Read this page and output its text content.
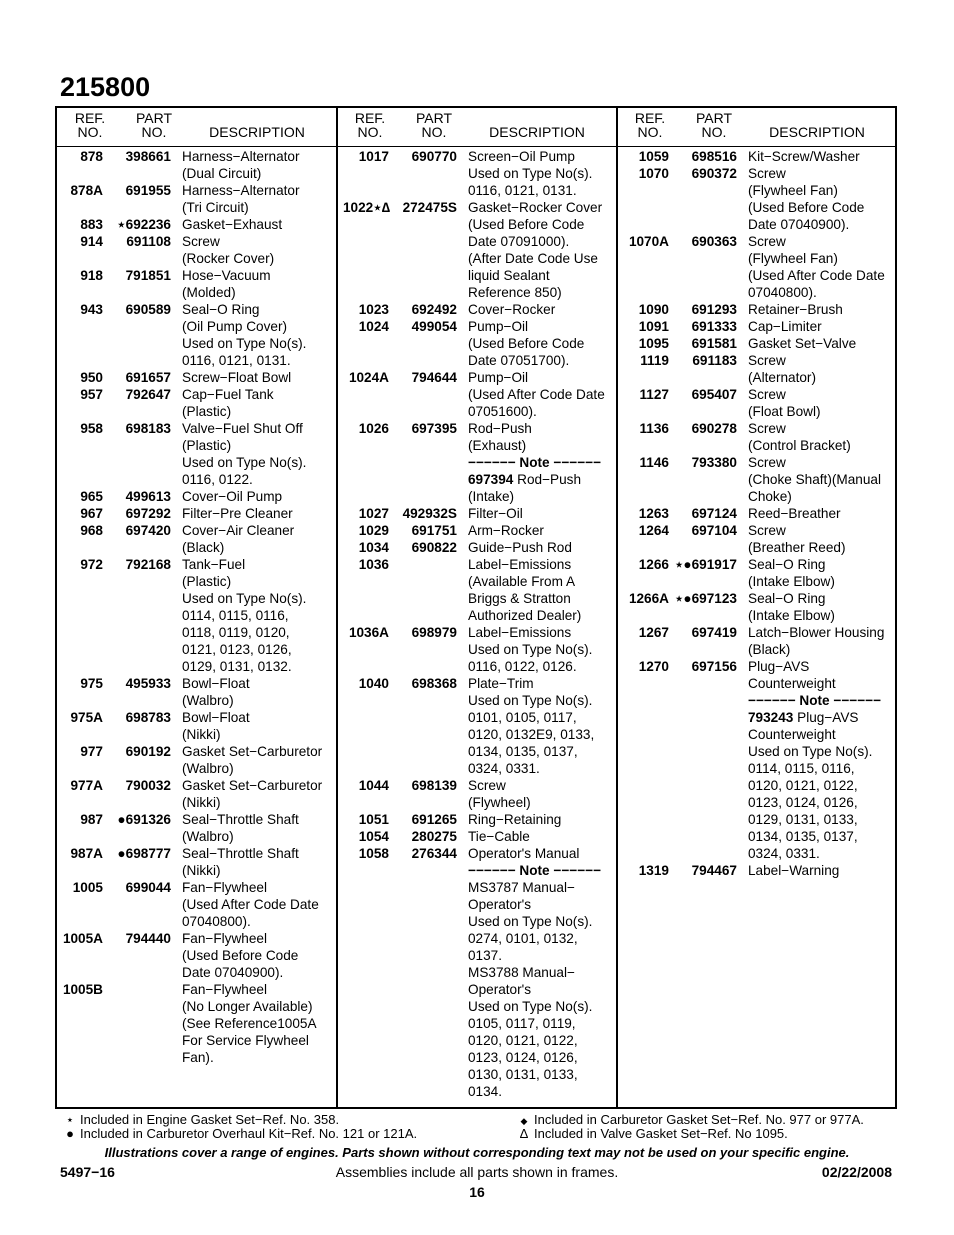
215800
REF.
NO.
PART
NO.	DESCRIPTION
REF.
NO.
PART
NO.	DESCRIPTION
REF.
NO.
PART
NO.	DESCRIPTION
878	398661 Harness−Alternator
(Dual Circuit)
878A	691955 Harness−Alternator
(Tri Circuit)
883	⋆692236 Gasket−Exhaust
914	691108 Screw
(Rocker Cover)
918	791851 Hose−Vacuum
(Molded)
943	690589 Seal−O Ring
(Oil Pump Cover)
Used on Type No(s).
0116, 0121, 0131.
950	691657 Screw−Float Bowl
957	792647 Cap−Fuel Tank
(Plastic)
958	698183 Valve−Fuel Shut Off
(Plastic)
Used on Type No(s).
0116, 0122.
965	499613 Cover−Oil Pump
967	697292 Filter−Pre Cleaner
968	697420 Cover−Air Cleaner
(Black)
972	792168 Tank−Fuel
(Plastic)
Used on Type No(s).
0114, 0115, 0116,
0118, 0119, 0120,
0121, 0123, 0126,
0129, 0131, 0132.
975	495933 Bowl−Float
(Walbro)
975A	698783 Bowl−Float
(Nikki)
977	690192 Gasket Set−Carburetor
(Walbro)
977A	790032 Gasket Set−Carburetor
(Nikki)
987	●691326 Seal−Throttle Shaft
(Walbro)
987A	●698777 Seal−Throttle Shaft
(Nikki)
1005	699044 Fan−Flywheel
(Used After Code Date
07040800).
1005A	794440 Fan−Flywheel
(Used Before Code
Date 07040900).
1005B	Fan−Flywheel
(No Longer Available)
(See Reference1005A
For Service Flywheel
Fan).
1017	690770 Screen−Oil Pump
Used on Type No(s).
0116, 0121, 0131.
1022⋆∆ 272475S Gasket−Rocker Cover
(Used Before Code
Date 07091000).
(After Date Code Use
liquid Sealant
Reference 850)
1023	692492 Cover−Rocker
1024	499054 Pump−Oil
(Used Before Code
Date 07051700).
1024A	794644 Pump−Oil
(Used After Code Date
07051600).
1026	697395 Rod−Push
(Exhaust)
−−−−−− Note −−−−−−
697394 Rod−Push
(Intake)
1027 492932S Filter−Oil
1029	691751 Arm−Rocker
1034	690822 Guide−Push Rod
1036	Label−Emissions
(Available From A
Briggs & Stratton
Authorized Dealer)
1036A	698979 Label−Emissions
Used on Type No(s).
0116, 0122, 0126.
1040	698368 Plate−Trim
Used on Type No(s).
0101, 0105, 0117,
0120, 0132E9, 0133,
0134, 0135, 0137,
0324, 0331.
1044	698139 Screw
(Flywheel)
1051	691265 Ring−Retaining
1054	280275 Tie−Cable
1058	276344 Operator's Manual
−−−−−− Note −−−−−−
MS3787 Manual−
Operator's
Used on Type No(s).
0274, 0101, 0132,
0137.
MS3788 Manual−
Operator's
Used on Type No(s).
0105, 0117, 0119,
0120, 0121, 0122,
0123, 0124, 0126,
0130, 0131, 0133,
0134.
1059	698516 Kit−Screw/Washer
1070	690372 Screw
(Flywheel Fan)
(Used Before Code
Date 07040900).
1070A	690363 Screw
(Flywheel Fan)
(Used After Code Date
07040800).
1090	691293 Retainer−Brush
1091	691333 Cap−Limiter
1095	691581 Gasket Set−Valve
1119	691183 Screw
(Alternator)
1127	695407 Screw
(Float Bowl)
1136	690278 Screw
(Control Bracket)
1146	793380 Screw
(Choke Shaft)(Manual
Choke)
1263	697124 Reed−Breather
1264	697104 Screw
(Breather Reed)
1266 ⋆●691917 Seal−O Ring
(Intake Elbow)
1266A ⋆●697123 Seal−O Ring
(Intake Elbow)
1267	697419 Latch−Blower Housing
(Black)
1270	697156 Plug−AVS
Counterweight
−−−−−− Note −−−−−−
793243 Plug−AVS
Counterweight
Used on Type No(s).
0114, 0115, 0116,
0120, 0121, 0122,
0123, 0124, 0126,
0129, 0131, 0133,
0134, 0135, 0137,
0324, 0331.
1319	794467 Label−Warning
⋆ Included in Engine Gasket Set−Ref. No. 358.
● Included in Carburetor Overhaul Kit−Ref. No. 121 or 121A.
◆ Included in Carburetor Gasket Set−Ref. No. 977 or 977A.
∆ Included in Valve Gasket Set−Ref. No 1095.
Illustrations cover a range of engines. Parts shown without corresponding text may not be used on your specific engine.
5497−16	Assemblies include all parts shown in frames.	02/22/2008
16
